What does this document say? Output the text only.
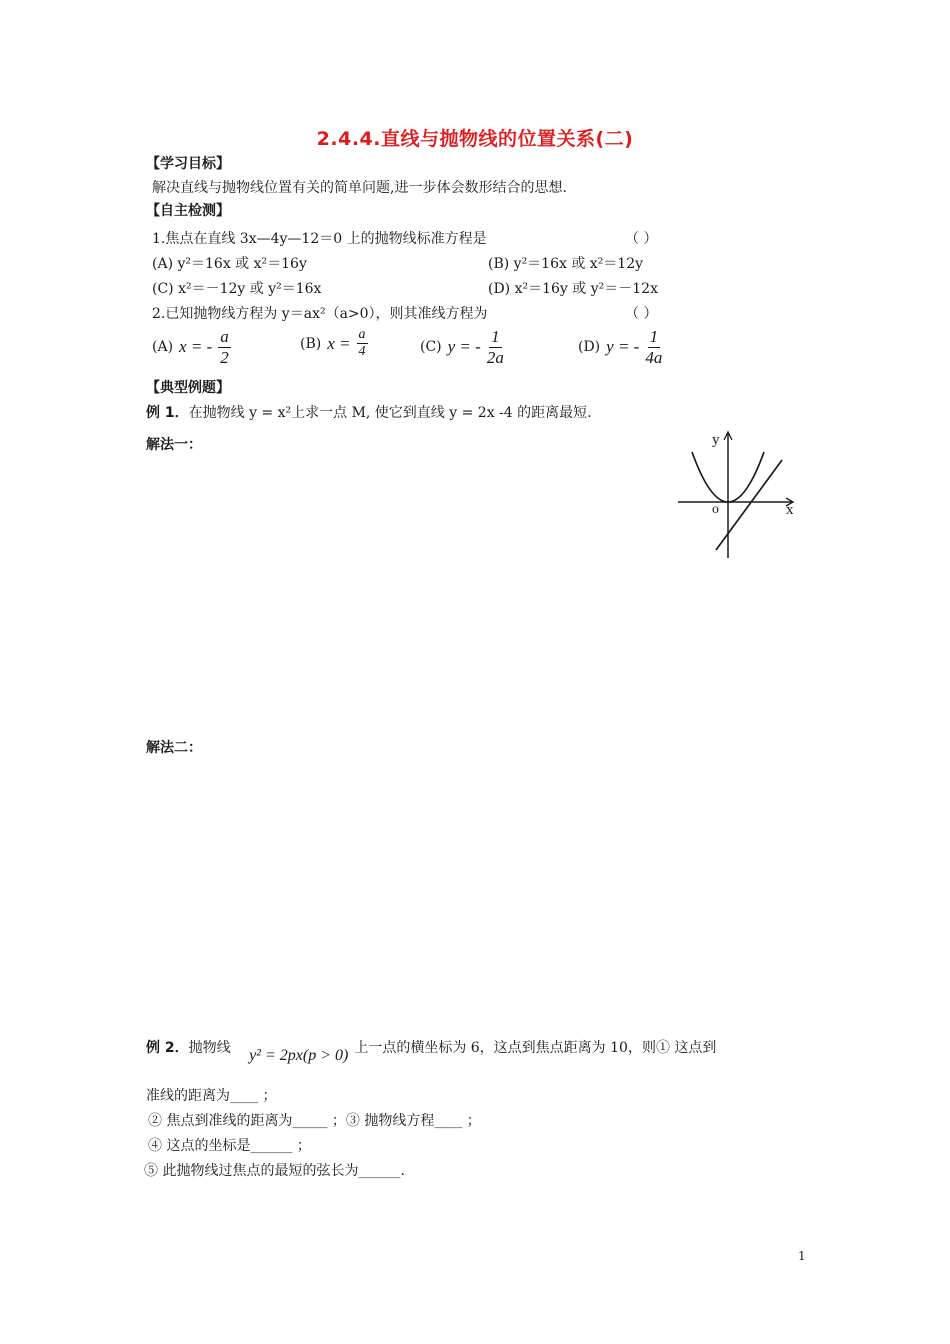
2.4.4.直线与抛物线的位置关系(二)
【学习目标】
解决直线与抛物线位置有关的简单问题,进一步体会数形结合的思想.
【自主检测】
1.焦点在直线 3x—4y—12＝0 上的抛物线标准方程是	（ ）
(A) y²＝16x 或 x²＝16y	(B) y²＝16x 或 x²＝12y
(C) x²＝－12y 或 y²＝16x	(D) x²＝16y 或 y²＝－12x
2.已知抛物线方程为 y＝ax²（a>0），则其准线方程为	（ ）
(A) x = - $\frac{a}{2}$	(B) $x = \frac{a}{4}$	(C) y = - $\frac{1}{2a}$	(D) y = - $\frac{1}{4a}$
【典型例题】
例 1．在抛物线 y = x²上求一点 M, 使它到直线 y = 2x -4 的距离最短.
解法一：	y
x
o
解法二：
例 2．抛物线 y² = 2px(p > 0) 上一点的横坐标为 6，这点到焦点距离为 10，则① 这点到
准线的距离为____ ；
② 焦点到准线的距离为_____ ；③ 抛物线方程____ ；
④ 这点的坐标是______ ；
⑤ 此抛物线过焦点的最短的弦长为______.
1
